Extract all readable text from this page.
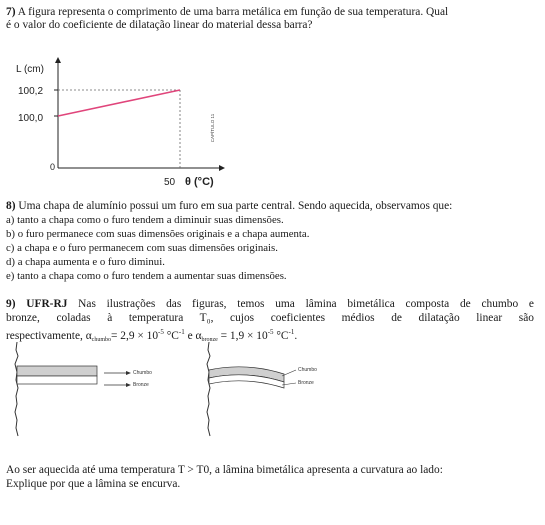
7) A figura representa o comprimento de uma barra metálica em função de sua temperatura. Qual
é o valor do coeficiente de dilatação linear do material dessa barra?
L (cm)
100,2
100,0
0
50 θ (°C)
CAPÍTULO 11
8) Uma chapa de alumínio possui um furo em sua parte central. Sendo aquecida, observamos que:
a) tanto a chapa como o furo tendem a diminuir suas dimensões.
b) o furo permanece com suas dimensões originais e a chapa aumenta.
c) a chapa e o furo permanecem com suas dimensões originais.
d) a chapa aumenta e o furo diminui.
e) tanto a chapa como o furo tendem a aumentar suas dimensões.
9) UFR-RJ Nas ilustrações das figuras, temos uma lâmina bimetálica composta de chumbo e
bronze, coladas à temperatura T₀, cujos coeficientes médios de dilatação linear são
respectivamente, $\alpha_{chumbo}= 2,9 \times 10^{-5}$ $^\circ C^{-1}$ e $\alpha_{bronze} = 1,9 \times 10^{-5}$ $^\circ C^{-1}$.
Chumbo
Bronze
Chumbo
Bronze
Ao ser aquecida até uma temperatura T > T0, a lâmina bimetálica apresenta a curvatura ao lado:
Explique por que a lâmina se encurva.
